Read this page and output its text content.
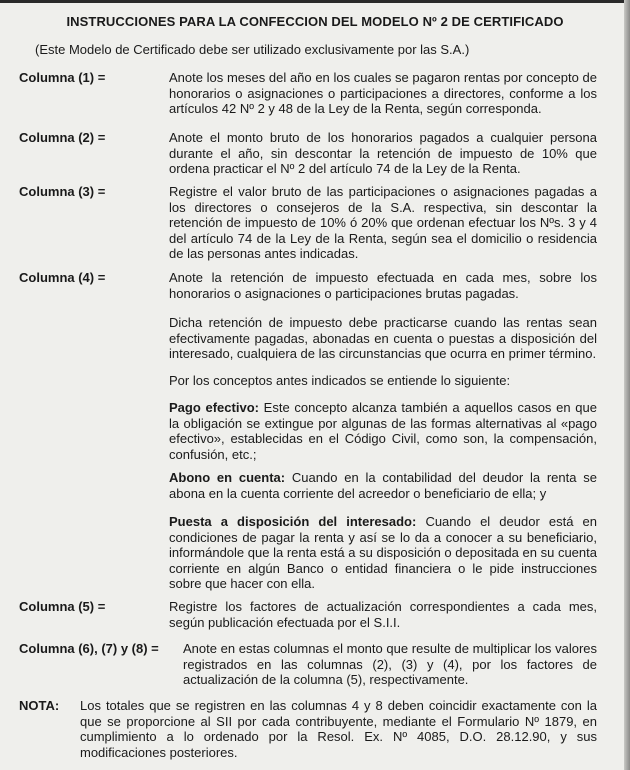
INSTRUCCIONES PARA LA CONFECCION DEL MODELO Nº 2 DE CERTIFICADO
(Este Modelo de Certificado debe ser utilizado exclusivamente por las S.A.)
Columna (1) =	Anote los meses del año en los cuales se pagaron rentas por concepto de honorarios o asignaciones o participaciones a directores, conforme a los artículos 42 Nº 2 y 48 de la Ley de la Renta, según corresponda.
Columna (2) =	Anote el monto bruto de los honorarios pagados a cualquier persona durante el año, sin descontar la retención de impuesto de 10% que ordena practicar el Nº 2 del artículo 74 de la Ley de la Renta.
Columna (3) =	Registre el valor bruto de las participaciones o asignaciones pagadas a los directores o consejeros de la S.A. respectiva, sin descontar la retención de impuesto de 10% ó 20% que ordenan efectuar los Nºs. 3 y 4 del artículo 74 de la Ley de la Renta, según sea el domicilio o residencia de las personas antes indicadas.
Columna (4) =	Anote la retención de impuesto efectuada en cada mes, sobre los honorarios o asignaciones o participaciones brutas pagadas.
Dicha retención de impuesto debe practicarse cuando las rentas sean efectivamente pagadas, abonadas en cuenta o puestas a disposición del interesado, cualquiera de las circunstancias que ocurra en primer término.
Por los conceptos antes indicados se entiende lo siguiente:
Pago efectivo: Este concepto alcanza también a aquellos casos en que la obligación se extingue por algunas de las formas alternativas al «pago efectivo», establecidas en el Código Civil, como son, la compensación, confusión, etc.;
Abono en cuenta: Cuando en la contabilidad del deudor la renta se abona en la cuenta corriente del acreedor o beneficiario de ella; y
Puesta a disposición del interesado: Cuando el deudor está en condiciones de pagar la renta y así se lo da a conocer a su beneficiario, informándole que la renta está a su disposición o depositada en su cuenta corriente en algún Banco o entidad financiera o le pide instrucciones sobre que hacer con ella.
Columna (5) =	Registre los factores de actualización correspondientes a cada mes, según publicación efectuada por el S.I.I.
Columna (6), (7) y (8) = Anote en estas columnas el monto que resulte de multiplicar los valores registrados en las columnas (2), (3) y (4), por los factores de actualización de la columna (5), respectivamente.
NOTA: Los totales que se registren en las columnas 4 y 8 deben coincidir exactamente con la que se proporcione al SII por cada contribuyente, mediante el Formulario Nº 1879, en cumplimiento a lo ordenado por la Resol. Ex. Nº 4085, D.O. 28.12.90, y sus modificaciones posteriores.
